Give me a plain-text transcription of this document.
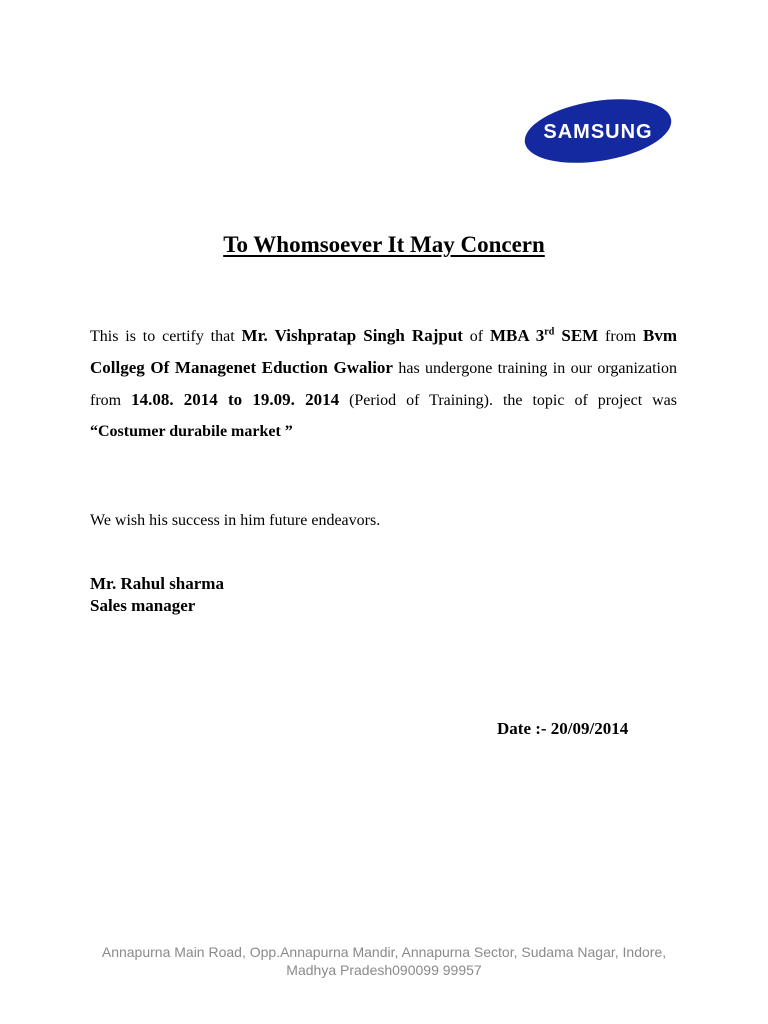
SAMSUNG
To Whomsoever It May Concern
This is to certify that Mr. Vishpratap Singh Rajput of MBA 3rd SEM from Bvm Collgeg Of Managenet Eduction Gwalior has undergone training in our organization from 14.08. 2014 to 19.09. 2014 (Period of Training). the topic of project was “Costumer durabile market ”
We wish his success in him future endeavors.
Mr. Rahul sharma
Sales manager
Date :- 20/09/2014
Annapurna Main Road, Opp.Annapurna Mandir, Annapurna Sector, Sudama Nagar, Indore,
Madhya Pradesh090099 99957
